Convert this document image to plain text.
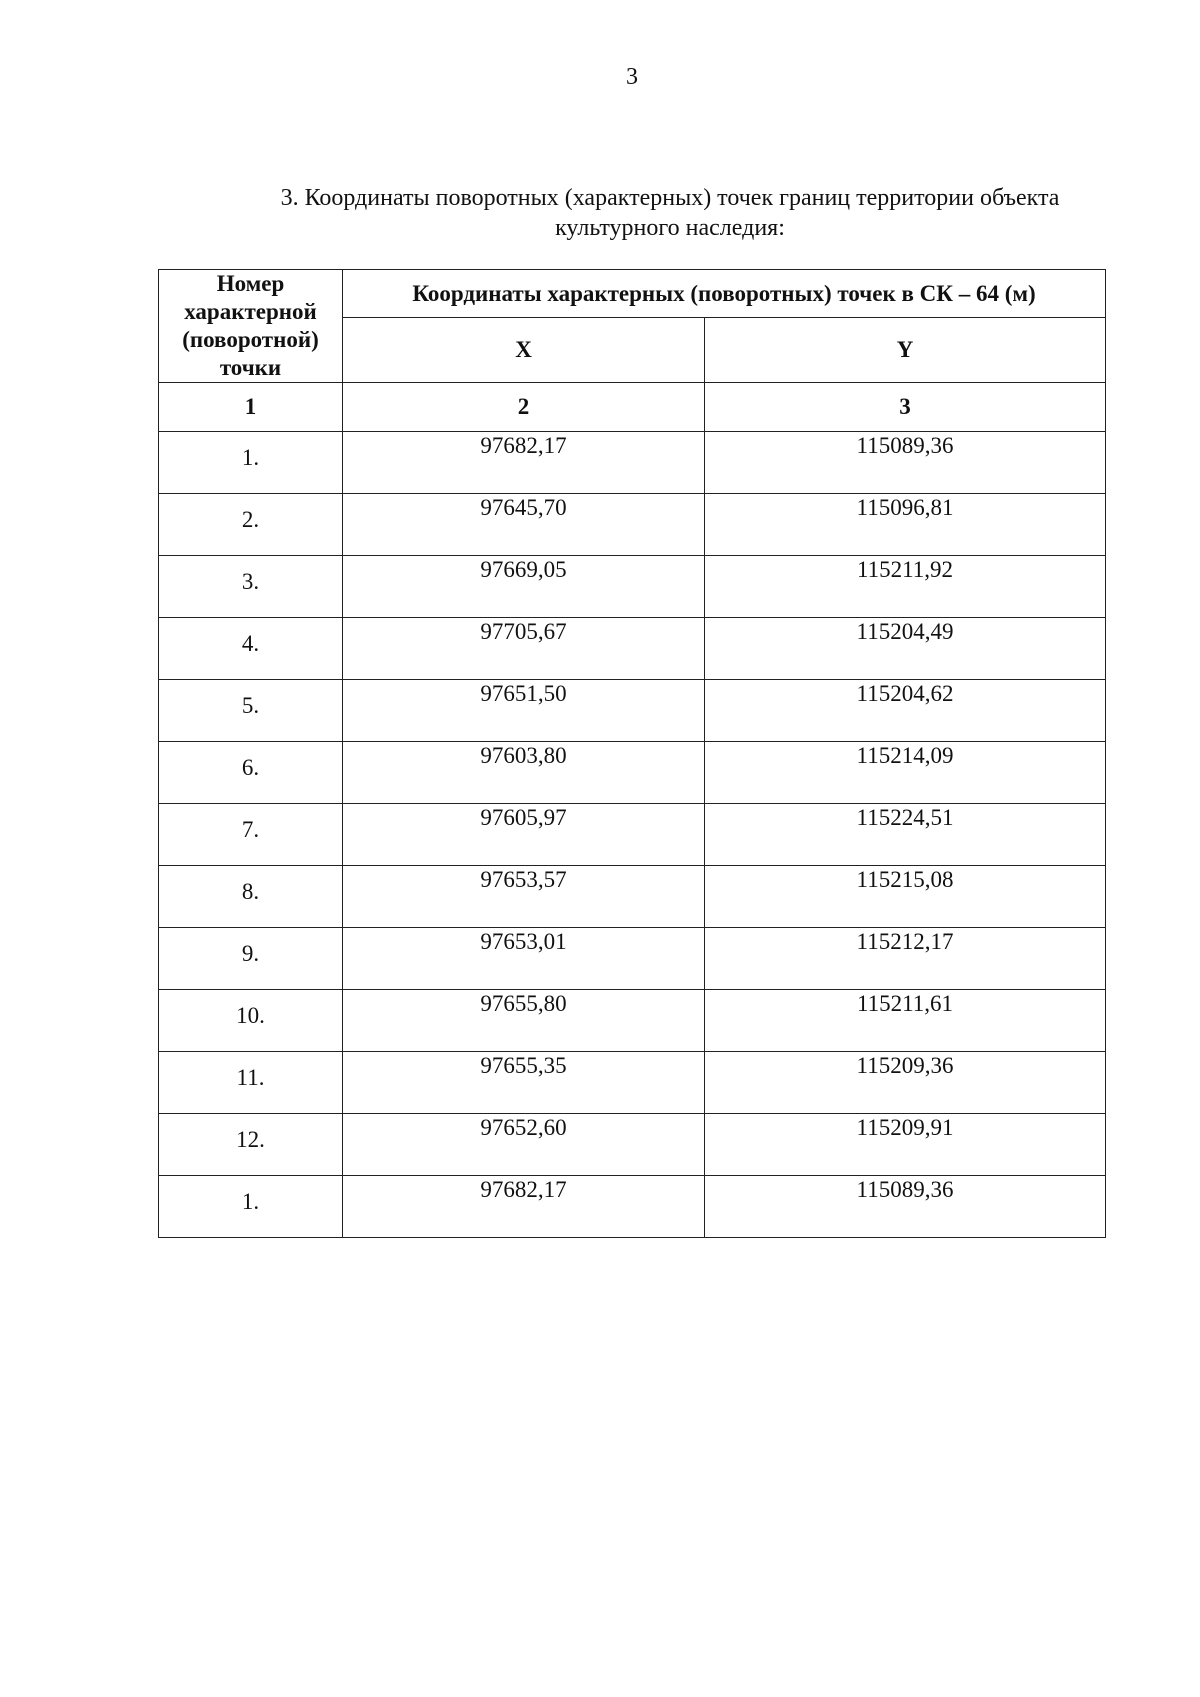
3
3. Координаты поворотных (характерных) точек границ территории объекта
культурного наследия:
Номер
характерной
(поворотной)
точки	Координаты характерных (поворотных) точек в СК – 64 (м)	
	X	Y
1	2	3
1.	97682,17	115089,36
2.	97645,70	115096,81
3.	97669,05	115211,92
4.	97705,67	115204,49
5.	97651,50	115204,62
6.	97603,80	115214,09
7.	97605,97	115224,51
8.	97653,57	115215,08
9.	97653,01	115212,17
10.	97655,80	115211,61
11.	97655,35	115209,36
12.	97652,60	115209,91
1.	97682,17	115089,36
